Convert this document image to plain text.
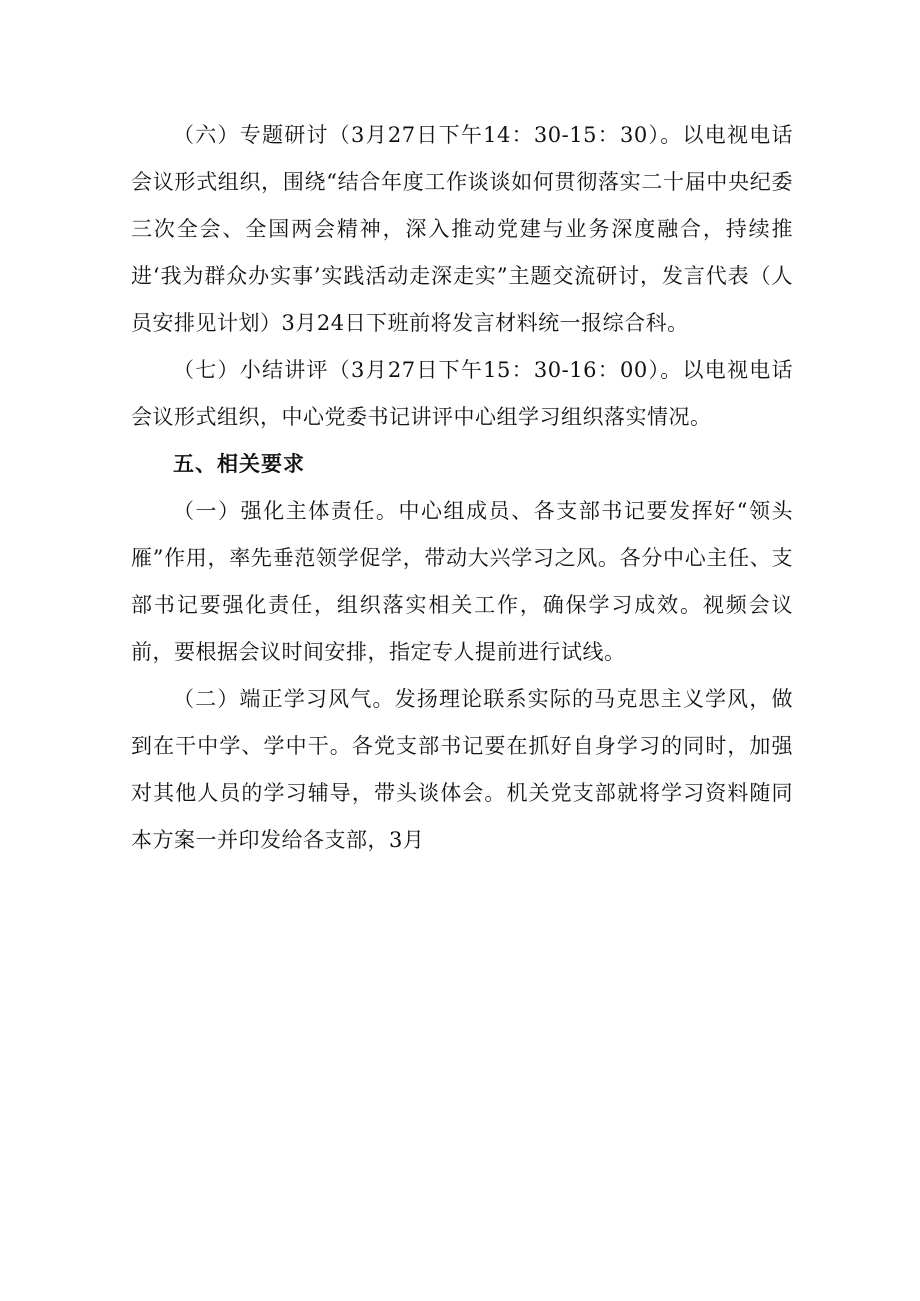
（六）专题研讨（3月27日下午14：30-15：30）。以电视电话会议形式组织，围绕“结合年度工作谈谈如何贯彻落实二十届中央纪委三次全会、全国两会精神，深入推动党建与业务深度融合，持续推进‘我为群众办实事’实践活动走深走实”主题交流研讨，发言代表（人员安排见计划）3月24日下班前将发言材料统一报综合科。

（七）小结讲评（3月27日下午15：30-16：00）。以电视电话会议形式组织，中心党委书记讲评中心组学习组织落实情况。

五、相关要求

（一）强化主体责任。中心组成员、各支部书记要发挥好“领头雁”作用，率先垂范领学促学，带动大兴学习之风。各分中心主任、支部书记要强化责任，组织落实相关工作，确保学习成效。视频会议前，要根据会议时间安排，指定专人提前进行试线。

（二）端正学习风气。发扬理论联系实际的马克思主义学风，做到在干中学、学中干。各党支部书记要在抓好自身学习的同时，加强对其他人员的学习辅导，带头谈体会。机关党支部就将学习资料随同本方案一并印发给各支部，3月
